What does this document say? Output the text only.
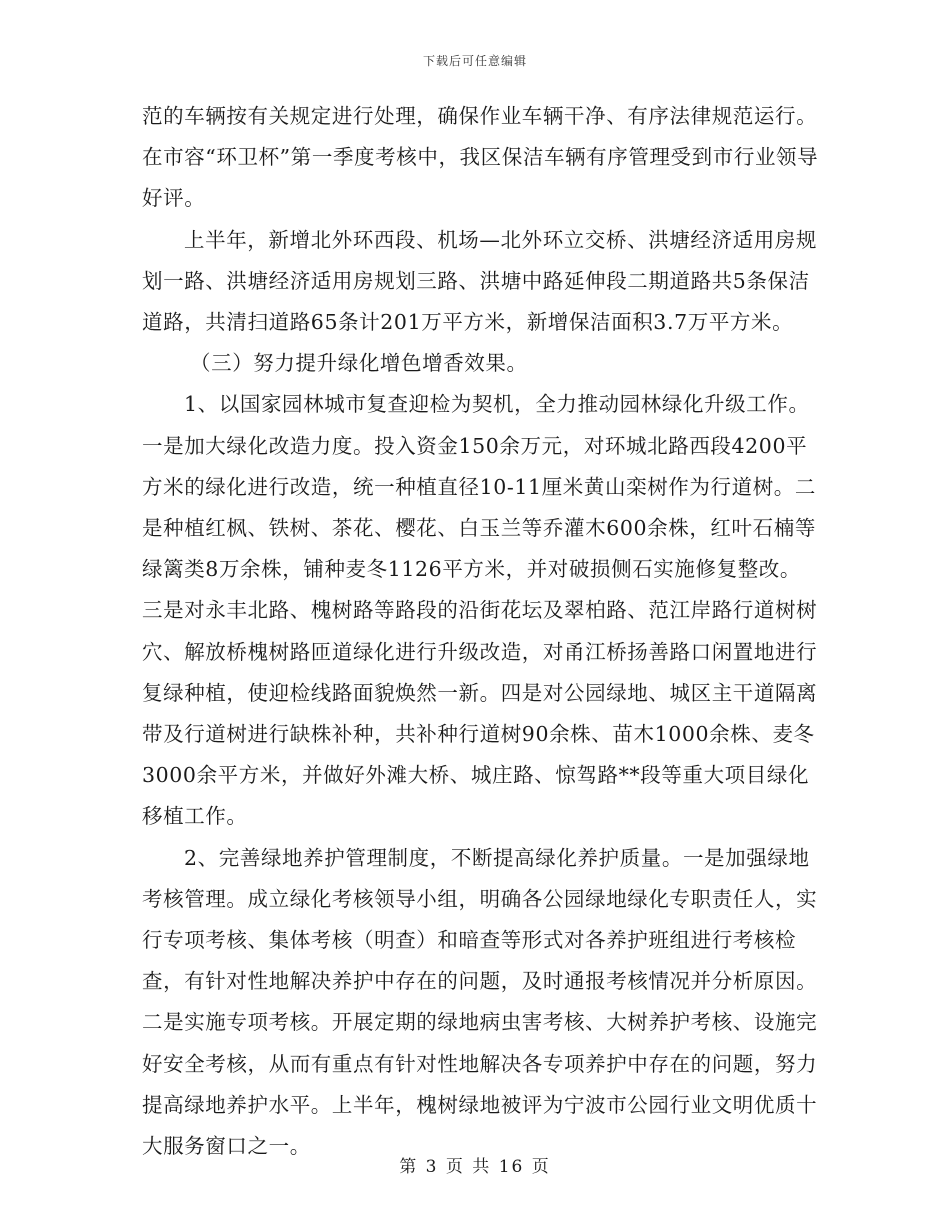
下载后可任意编辑

范的车辆按有关规定进行处理，确保作业车辆干净、有序法律规范运行。在市容“环卫杯”第一季度考核中，我区保洁车辆有序管理受到市行业领导好评。

上半年，新增北外环西段、机场—北外环立交桥、洪塘经济适用房规划一路、洪塘经济适用房规划三路、洪塘中路延伸段二期道路共5条保洁道路，共清扫道路65条计201万平方米，新增保洁面积3.7万平方米。

（三）努力提升绿化增色增香效果。

1、以国家园林城市复查迎检为契机，全力推动园林绿化升级工作。一是加大绿化改造力度。投入资金150余万元，对环城北路西段4200平方米的绿化进行改造，统一种植直径10-11厘米黄山栾树作为行道树。二是种植红枫、铁树、茶花、樱花、白玉兰等乔灌木600余株，红叶石楠等绿篱类8万余株，铺种麦冬1126平方米，并对破损侧石实施修复整改。三是对永丰北路、槐树路等路段的沿街花坛及翠柏路、范江岸路行道树树穴、解放桥槐树路匝道绿化进行升级改造，对甬江桥扬善路口闲置地进行复绿种植，使迎检线路面貌焕然一新。四是对公园绿地、城区主干道隔离带及行道树进行缺株补种，共补种行道树90余株、苗木1000余株、麦冬3000余平方米，并做好外滩大桥、城庄路、惊驾路**段等重大项目绿化移植工作。

2、完善绿地养护管理制度，不断提高绿化养护质量。一是加强绿地考核管理。成立绿化考核领导小组，明确各公园绿地绿化专职责任人，实行专项考核、集体考核（明查）和暗查等形式对各养护班组进行考核检查，有针对性地解决养护中存在的问题，及时通报考核情况并分析原因。二是实施专项考核。开展定期的绿地病虫害考核、大树养护考核、设施完好安全考核，从而有重点有针对性地解决各专项养护中存在的问题，努力提高绿地养护水平。上半年，槐树绿地被评为宁波市公园行业文明优质十大服务窗口之一。

第 3 页 共 16 页
